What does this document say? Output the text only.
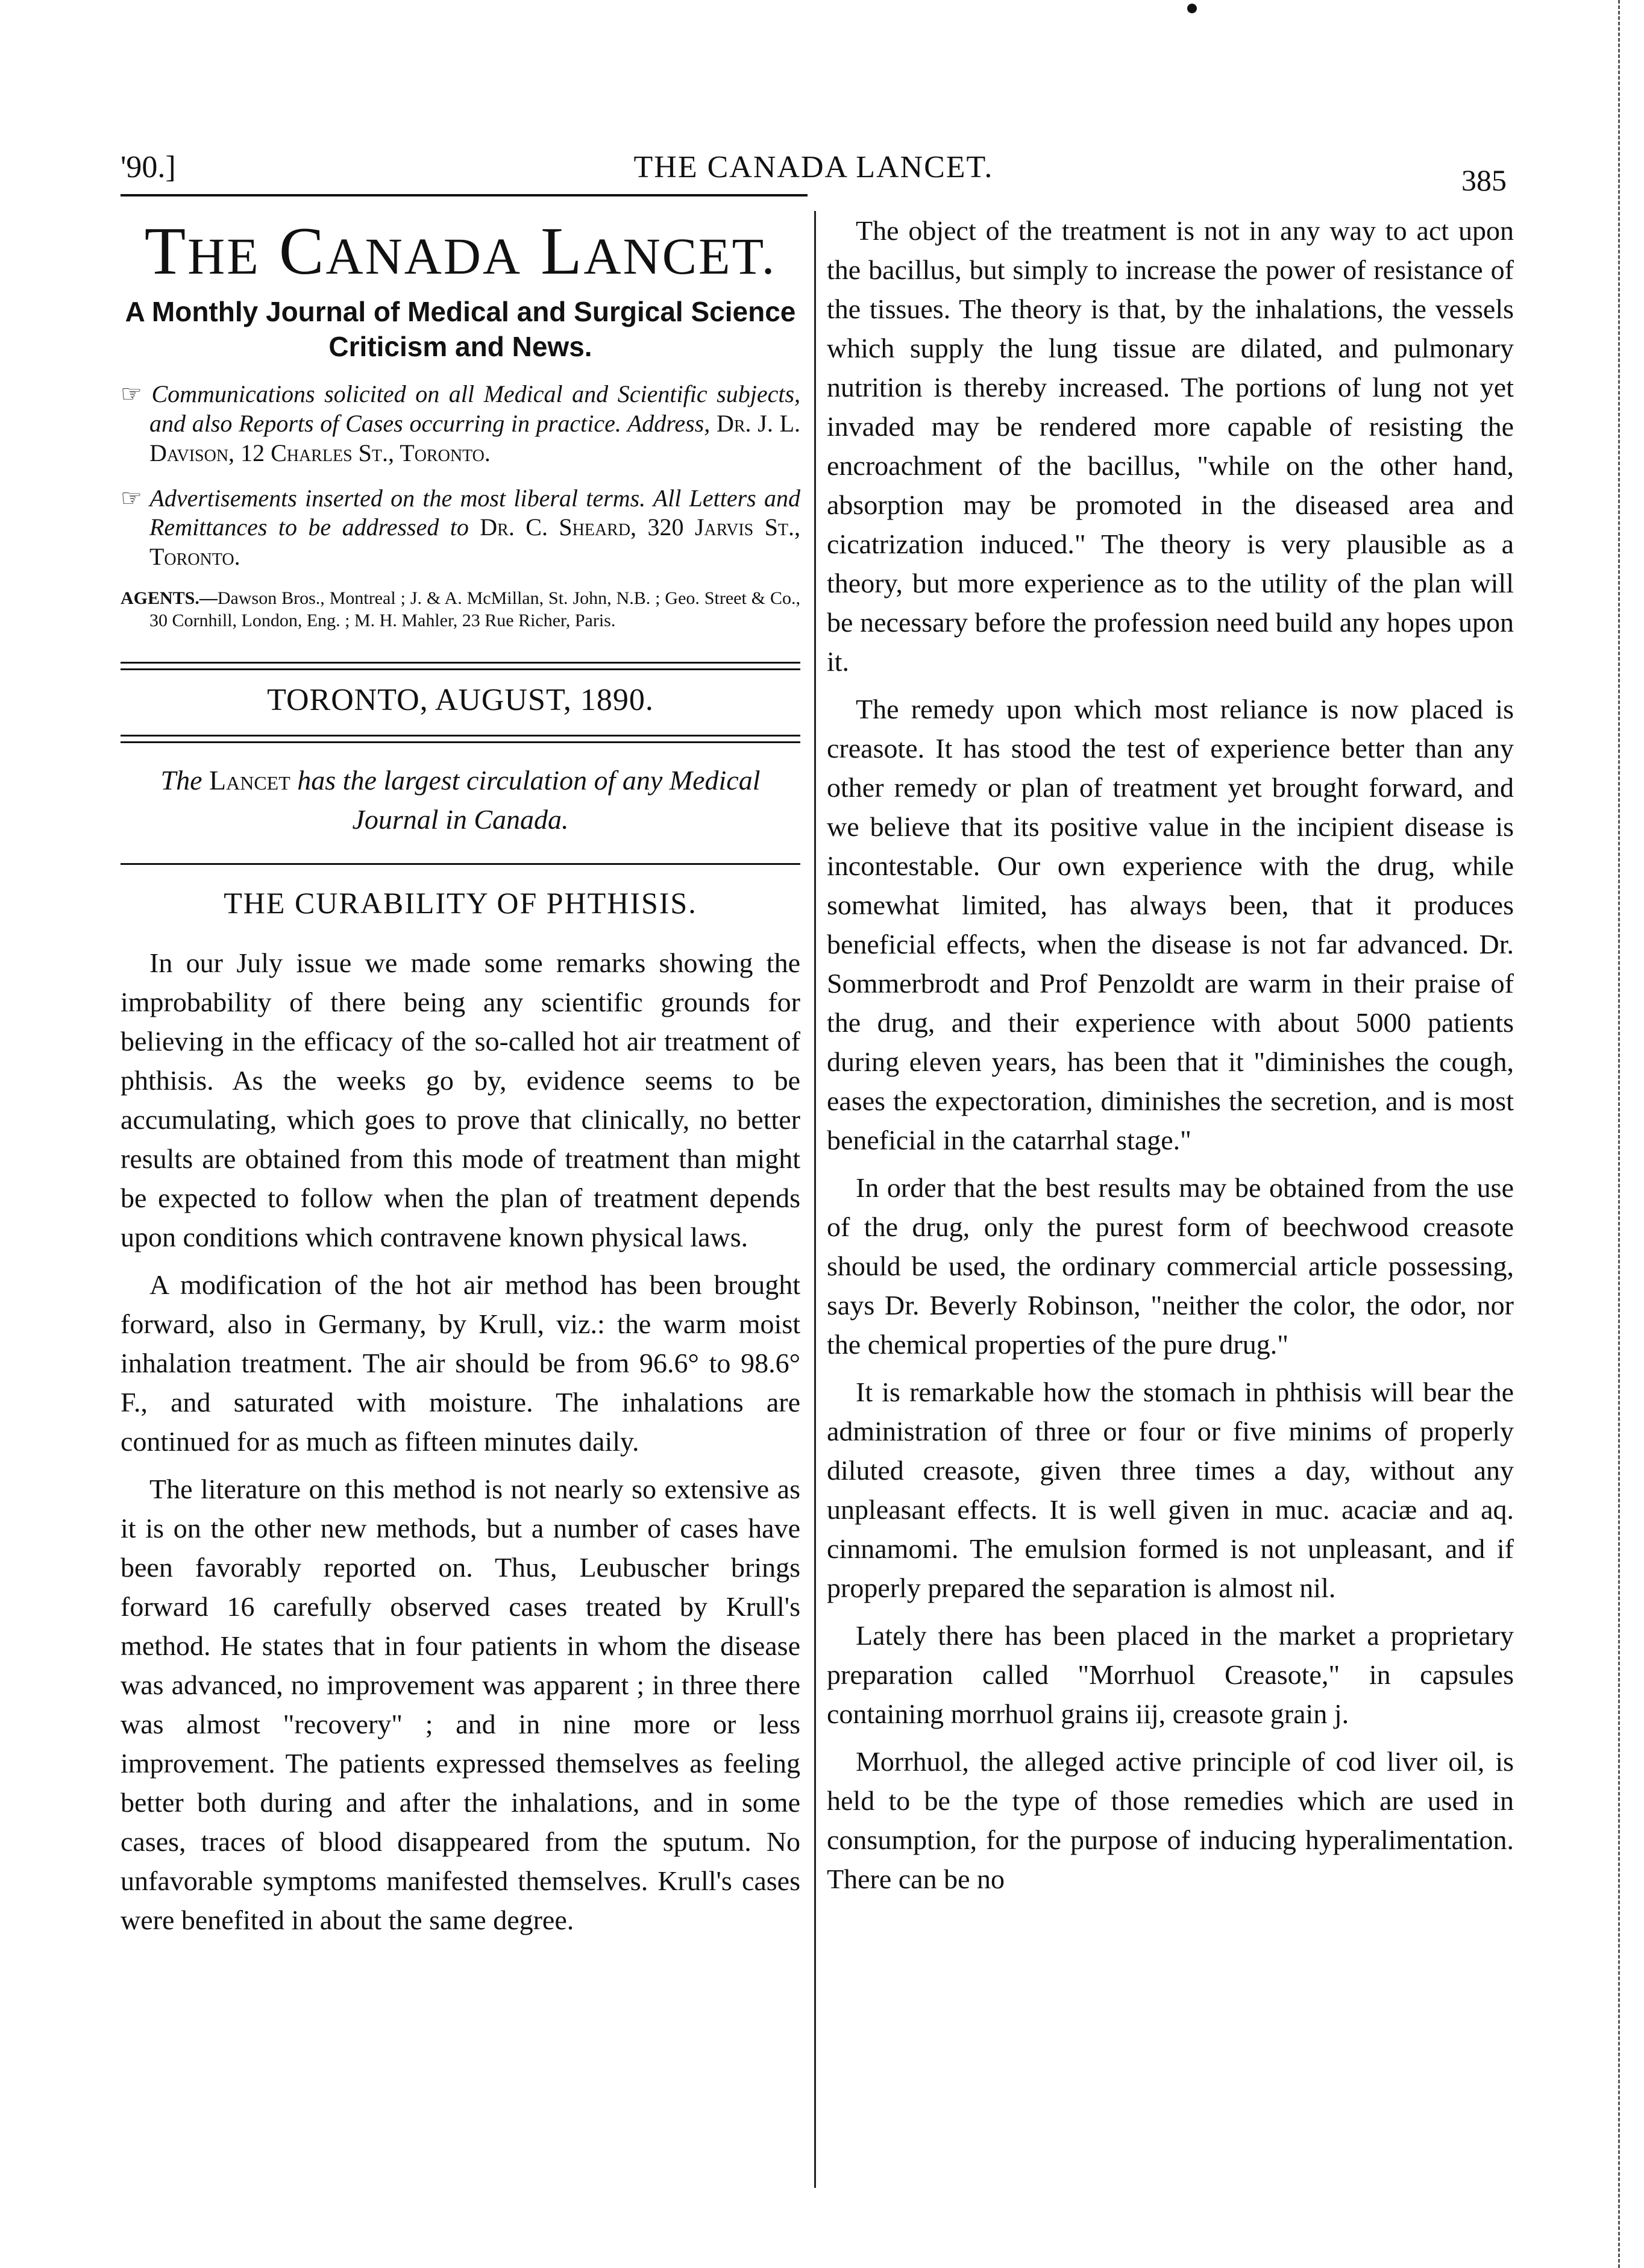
'90.]	THE CANADA LANCET.	385
THE CANADA LANCET.
A Monthly Journal of Medical and Surgical Science
Criticism and News.
☞ Communications solicited on all Medical and Scientific subjects, and also Reports of Cases occurring in practice. Address, Dr. J. L. Davison, 12 Charles St., Toronto.
☞ Advertisements inserted on the most liberal terms. All Letters and Remittances to be addressed to Dr. C. Sheard, 320 Jarvis St., Toronto.
AGENTS.—Dawson Bros., Montreal ; J. & A. McMillan, St. John, N.B. ; Geo. Street & Co., 30 Cornhill, London, Eng. ; M. H. Mahler, 23 Rue Richer, Paris.
TORONTO, AUGUST, 1890.
The Lancet has the largest circulation of any Medical Journal in Canada.
THE CURABILITY OF PHTHISIS.

In our July issue we made some remarks showing the improbability of there being any scientific grounds for believing in the efficacy of the so-called hot air treatment of phthisis. As the weeks go by, evidence seems to be accumulating, which goes to prove that clinically, no better results are obtained from this mode of treatment than might be expected to follow when the plan of treatment depends upon conditions which contravene known physical laws.

A modification of the hot air method has been brought forward, also in Germany, by Krull, viz.: the warm moist inhalation treatment. The air should be from 96.6° to 98.6° F., and saturated with moisture. The inhalations are continued for as much as fifteen minutes daily.

The literature on this method is not nearly so extensive as it is on the other new methods, but a number of cases have been favorably reported on. Thus, Leubuscher brings forward 16 carefully observed cases treated by Krull's method. He states that in four patients in whom the disease was advanced, no improvement was apparent ; in three there was almost "recovery" ; and in nine more or less improvement. The patients expressed themselves as feeling better both during and after the inhalations, and in some cases, traces of blood disappeared from the sputum. No unfavorable symptoms manifested themselves. Krull's cases were benefited in about the same degree.

The object of the treatment is not in any way to act upon the bacillus, but simply to increase the power of resistance of the tissues. The theory is that, by the inhalations, the vessels which supply the lung tissue are dilated, and pulmonary nutrition is thereby increased. The portions of lung not yet invaded may be rendered more capable of resisting the encroachment of the bacillus, "while on the other hand, absorption may be promoted in the diseased area and cicatrization induced." The theory is very plausible as a theory, but more experience as to the utility of the plan will be necessary before the profession need build any hopes upon it.

The remedy upon which most reliance is now placed is creasote. It has stood the test of experience better than any other remedy or plan of treatment yet brought forward, and we believe that its positive value in the incipient disease is incontestable. Our own experience with the drug, while somewhat limited, has always been, that it produces beneficial effects, when the disease is not far advanced. Dr. Sommerbrodt and Prof Penzoldt are warm in their praise of the drug, and their experience with about 5000 patients during eleven years, has been that it "diminishes the cough, eases the expectoration, diminishes the secretion, and is most beneficial in the catarrhal stage."

In order that the best results may be obtained from the use of the drug, only the purest form of beechwood creasote should be used, the ordinary commercial article possessing, says Dr. Beverly Robinson, "neither the color, the odor, nor the chemical properties of the pure drug."

It is remarkable how the stomach in phthisis will bear the administration of three or four or five minims of properly diluted creasote, given three times a day, without any unpleasant effects. It is well given in muc. acaciæ and aq. cinnamomi. The emulsion formed is not unpleasant, and if properly prepared the separation is almost nil.

Lately there has been placed in the market a proprietary preparation called "Morrhuol Creasote," in capsules containing morrhuol grains iij, creasote grain j.

Morrhuol, the alleged active principle of cod liver oil, is held to be the type of those remedies which are used in consumption, for the purpose of inducing hyperalimentation. There can be no
